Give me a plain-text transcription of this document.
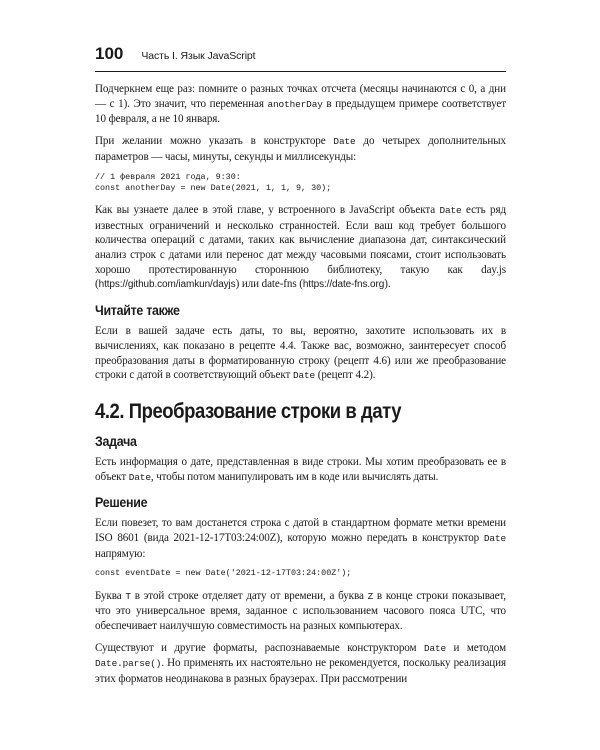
100 Часть I. Язык JavaScript

Подчеркнем еще раз: помните о разных точках отсчета (месяцы начинаются с 0, а дни — с 1). Это значит, что переменная anotherDay в предыдущем примере соответствует 10 февраля, а не 10 января.

При желании можно указать в конструкторе Date до четырех дополнительных параметров — часы, минуты, секунды и миллисекунды:

// 1 февраля 2021 года, 9:30:
const anotherDay = new Date(2021, 1, 1, 9, 30);

Как вы узнаете далее в этой главе, у встроенного в JavaScript объекта Date есть ряд известных ограничений и несколько странностей. Если ваш код требует большого количества операций с датами, таких как вычисление диапазона дат, синтаксический анализ строк с датами или перенос дат между часовыми поясами, стоит использовать хорошо протестированную стороннюю библиотеку, такую как day.js (https://github.com/iamkun/dayjs) или date-fns (https://date-fns.org).

Читайте также

Если в вашей задаче есть даты, то вы, вероятно, захотите использовать их в вычислениях, как показано в рецепте 4.4. Также вас, возможно, заинтересует способ преобразования даты в форматированную строку (рецепт 4.6) или же преобразование строки с датой в соответствующий объект Date (рецепт 4.2).

4.2. Преобразование строки в дату
Задача

Есть информация о дате, представленная в виде строки. Мы хотим преобразовать ее в объект Date, чтобы потом манипулировать им в коде или вычислять даты.

Решение

Если повезет, то вам достанется строка с датой в стандартном формате метки времени ISO 8601 (вида 2021-12-17T03:24:00Z), которую можно передать в конструктор Date напрямую:

const eventDate = new Date('2021-12-17T03:24:00Z');

Буква T в этой строке отделяет дату от времени, а буква Z в конце строки показывает, что это универсальное время, заданное с использованием часового пояса UTC, что обеспечивает наилучшую совместимость на разных компьютерах.

Существуют и другие форматы, распознаваемые конструктором Date и методом Date.parse(). Но применять их настоятельно не рекомендуется, поскольку реализация этих форматов неодинакова в разных браузерах. При рассмотрении
